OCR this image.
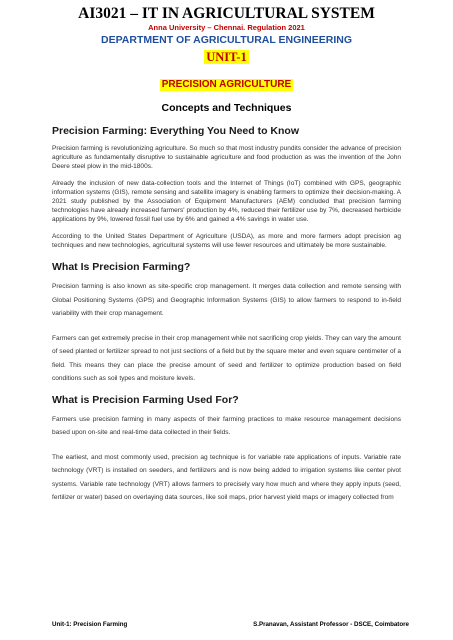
AI3021 – IT IN AGRICULTURAL SYSTEM
Anna University – Chennai. Regulation 2021
DEPARTMENT OF AGRICULTURAL ENGINEERING
UNIT-1
PRECISION AGRICULTURE
Concepts and Techniques
Precision Farming: Everything You Need to Know

Precision farming is revolutionizing agriculture. So much so that most industry pundits consider the advance of precision agriculture as fundamentally disruptive to sustainable agriculture and food production as was the invention of the John Deere steel plow in the mid-1800s.

Already the inclusion of new data-collection tools and the Internet of Things (IoT) combined with GPS, geographic information systems (GIS), remote sensing and satellite imagery is enabling farmers to optimize their decision-making. A 2021 study published by the Association of Equipment Manufacturers (AEM) concluded that precision farming technologies have already increased farmers' production by 4%, reduced their fertilizer use by 7%, decreased herbicide applications by 9%, lowered fossil fuel use by 6% and gained a 4% savings in water use.

According to the United States Department of Agriculture (USDA), as more and more farmers adopt precision ag techniques and new technologies, agricultural systems will use fewer resources and ultimately be more sustainable.

What Is Precision Farming?

Precision farming is also known as site-specific crop management. It merges data collection and remote sensing with Global Positioning Systems (GPS) and Geographic Information Systems (GIS) to allow farmers to respond to in-field variability with their crop management.

Farmers can get extremely precise in their crop management while not sacrificing crop yields. They can vary the amount of seed planted or fertilizer spread to not just sections of a field but by the square meter and even square centimeter of a field. This means they can place the precise amount of seed and fertilizer to optimize production based on field conditions such as soil types and moisture levels.

What is Precision Farming Used For?

Farmers use precision farming in many aspects of their farming practices to make resource management decisions based upon on-site and real-time data collected in their fields.

The earliest, and most commonly used, precision ag technique is for variable rate applications of inputs. Variable rate technology (VRT) is installed on seeders, and fertilizers and is now being added to irrigation systems like center pivot systems. Variable rate technology (VRT) allows farmers to precisely vary how much and where they apply inputs (seed, fertilizer or water) based on overlaying data sources, like soil maps, prior harvest yield maps or imagery collected from

Unit-1: Precision Farming	S.Pranavan, Assistant Professor - DSCE, Coimbatore
